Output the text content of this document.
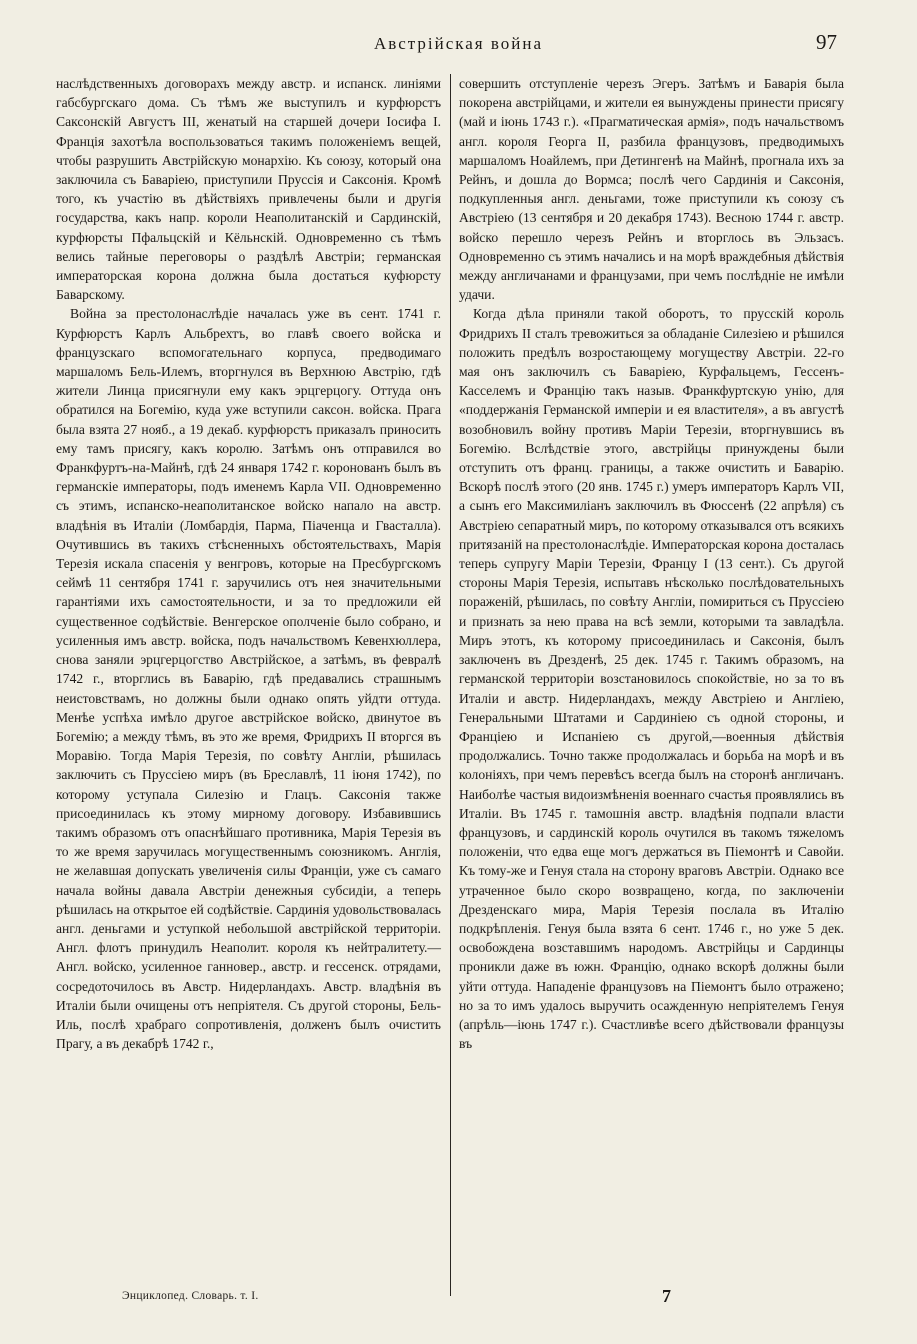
Австрійская война	97

наслѣдственныхъ договорахъ между австр. и испанск. линіями габсбургскаго дома. Съ тѣмъ же выступилъ и курфюрстъ Саксонскій Августъ III, женатый на старшей дочери Іосифа I. Франція захотѣла воспользоваться такимъ положеніемъ вещей, чтобы разрушить Австрійскую монархію. Къ союзу, который она заключила съ Баваріею, приступили Пруссія и Саксонія. Кромѣ того, къ участію въ дѣйствіяхъ привлечены были и другія государства, какъ напр. короли Неаполитанскій и Сардинскій, курфюрсты Пфальцскій и Кёльнскій. Одновременно съ тѣмъ велись тайные переговоры о раздѣлѣ Австріи; германская императорская корона должна была достаться куфюрсту Баварскому.

Война за престолонаслѣдіе началась уже въ сент. 1741 г. Курфюрстъ Карлъ Альбрехтъ, во главѣ своего войска и французскаго вспомогательнаго корпуса, предводимаго маршаломъ Бель-Илемъ, вторгнулся въ Верхнюю Австрію, гдѣ жители Линца присягнули ему какъ эрцгерцогу. Оттуда онъ обратился на Богемію, куда уже вступили саксон. войска. Прага была взята 27 нояб., а 19 декаб. курфюрстъ приказалъ приносить ему тамъ присягу, какъ королю. Затѣмъ онъ отправился во Франкфуртъ-на-Майнѣ, гдѣ 24 января 1742 г. коронованъ былъ въ германскіе императоры, подъ именемъ Карла VII. Одновременно съ этимъ, испанско-неаполитанское войско напало на австр. владѣнія въ Италіи (Ломбардія, Парма, Піаченца и Гвасталла). Очутившись въ такихъ стѣсненныхъ обстоятельствахъ, Марія Терезія искала спасенія у венгровъ, которые на Пресбургскомъ сеймѣ 11 сентября 1741 г. заручились отъ нея значительными гарантіями ихъ самостоятельности, и за то предложили ей существенное содѣйствіе. Венгерское ополченіе было собрано, и усиленныя имъ австр. войска, подъ начальствомъ Кевенхюллера, снова заняли эрцгерцогство Австрійское, а затѣмъ, въ февралѣ 1742 г., вторглись въ Баварію, гдѣ предавались страшнымъ неистовствамъ, но должны были однако опять уйдти оттуда. Менѣе успѣха имѣло другое австрійское войско, двинутое въ Богемію; а между тѣмъ, въ это же время, Фридрихъ II вторгся въ Моравію. Тогда Марія Терезія, по совѣту Англіи, рѣшилась заключить съ Пруссіею миръ (въ Бреславлѣ, 11 іюня 1742), по которому уступала Силезію и Глацъ. Саксонія также присоединилась къ этому мирному договору. Избавившись такимъ образомъ отъ опаснѣйшаго противника, Марія Терезія въ то же время заручилась могущественнымъ союзникомъ. Англія, не желавшая допускать увеличенія силы Франціи, уже съ самаго начала войны давала Австріи денежныя субсидіи, а теперь рѣшилась на открытое ей содѣйствіе. Сардинія удовольствовалась англ. деньгами и уступкой небольшой австрійской территоріи. Англ. флотъ принудилъ Неаполит. короля къ нейтралитету.— Англ. войско, усиленное ганновер., австр. и гессенск. отрядами, сосредоточилось въ Австр. Нидерландахъ. Австр. владѣнія въ Италіи были очищены отъ непріятеля. Съ другой стороны, Бель-Иль, послѣ храбраго сопротивленія, долженъ былъ очистить Прагу, а въ декабрѣ 1742 г.,

совершить отступленіе черезъ Эгеръ. Затѣмъ и Баварія была покорена австрійцами, и жители ея вынуждены принести присягу (май и іюнь 1743 г.). «Прагматическая армія», подъ начальствомъ англ. короля Георга II, разбила французовъ, предводимыхъ маршаломъ Ноайлемъ, при Детингенѣ на Майнѣ, прогнала ихъ за Рейнъ, и дошла до Вормса; послѣ чего Сардинія и Саксонія, подкупленныя англ. деньгами, тоже приступили къ союзу съ Австріею (13 сентября и 20 декабря 1743). Весною 1744 г. австр. войско перешло черезъ Рейнъ и вторглось въ Эльзасъ. Одновременно съ этимъ начались и на морѣ враждебныя дѣйствія между англичанами и французами, при чемъ послѣдніе не имѣли удачи.

Когда дѣла приняли такой оборотъ, то прусскій король Фридрихъ II сталъ тревожиться за обладаніе Силезіею и рѣшился положить предѣлъ возростающему могуществу Австріи. 22-го мая онъ заключилъ съ Баваріею, Курфальцемъ, Гессенъ-Касселемъ и Францію такъ назыв. Франкфуртскую унію, для «поддержанія Германской имперіи и ея властителя», а въ августѣ возобновилъ войну противъ Маріи Терезіи, вторгнувшись въ Богемію. Вслѣдствіе этого, австрійцы принуждены были отступить отъ франц. границы, а также очистить и Баварію. Вскорѣ послѣ этого (20 янв. 1745 г.) умеръ императоръ Карлъ VII, а сынъ его Максимиліанъ заключилъ въ Фюссенѣ (22 апрѣля) съ Австріею сепаратный миръ, по которому отказывался отъ всякихъ притязаній на престолонаслѣдіе. Императорская корона досталась теперь супругу Маріи Терезіи, Францу I (13 сент.). Съ другой стороны Марія Терезія, испытавъ нѣсколько послѣдовательныхъ пораженій, рѣшилась, по совѣту Англіи, помириться съ Пруссіею и признать за нею права на всѣ земли, которыми та завладѣла. Миръ этотъ, къ которому присоединилась и Саксонія, былъ заключенъ въ Дрезденѣ, 25 дек. 1745 г. Такимъ образомъ, на германской территоріи возстановилось спокойствіе, но за то въ Италіи и австр. Нидерландахъ, между Австріею и Англіею, Генеральными Штатами и Сардиніею съ одной стороны, и Франціею и Испаніею съ другой,—военныя дѣйствія продолжались. Точно также продолжалась и борьба на морѣ и въ колоніяхъ, при чемъ перевѣсъ всегда былъ на сторонѣ англичанъ. Наиболѣе частыя видоизмѣненія военнаго счастья проявлялись въ Италіи. Въ 1745 г. тамошнія австр. владѣнія подпали власти французовъ, и сардинскій король очутился въ такомъ тяжеломъ положеніи, что едва еще могъ держаться въ Піемонтѣ и Савойи. Къ тому-же и Генуя стала на сторону враговъ Австріи. Однако все утраченное было скоро возвращено, когда, по заключеніи Дрезденскаго мира, Марія Терезія послала въ Италію подкрѣпленія. Генуя была взята 6 сент. 1746 г., но уже 5 дек. освобождена возставшимъ народомъ. Австрійцы и Сардинцы проникли даже въ южн. Францію, однако вскорѣ должны были уйти оттуда. Нападеніе французовъ на Піемонтъ было отражено; но за то имъ удалось выручить осажденную непріятелемъ Генуя (апрѣль—іюнь 1747 г.). Счастливѣе всего дѣйствовали французы въ

Энциклопед. Словарь. т. I.	7
